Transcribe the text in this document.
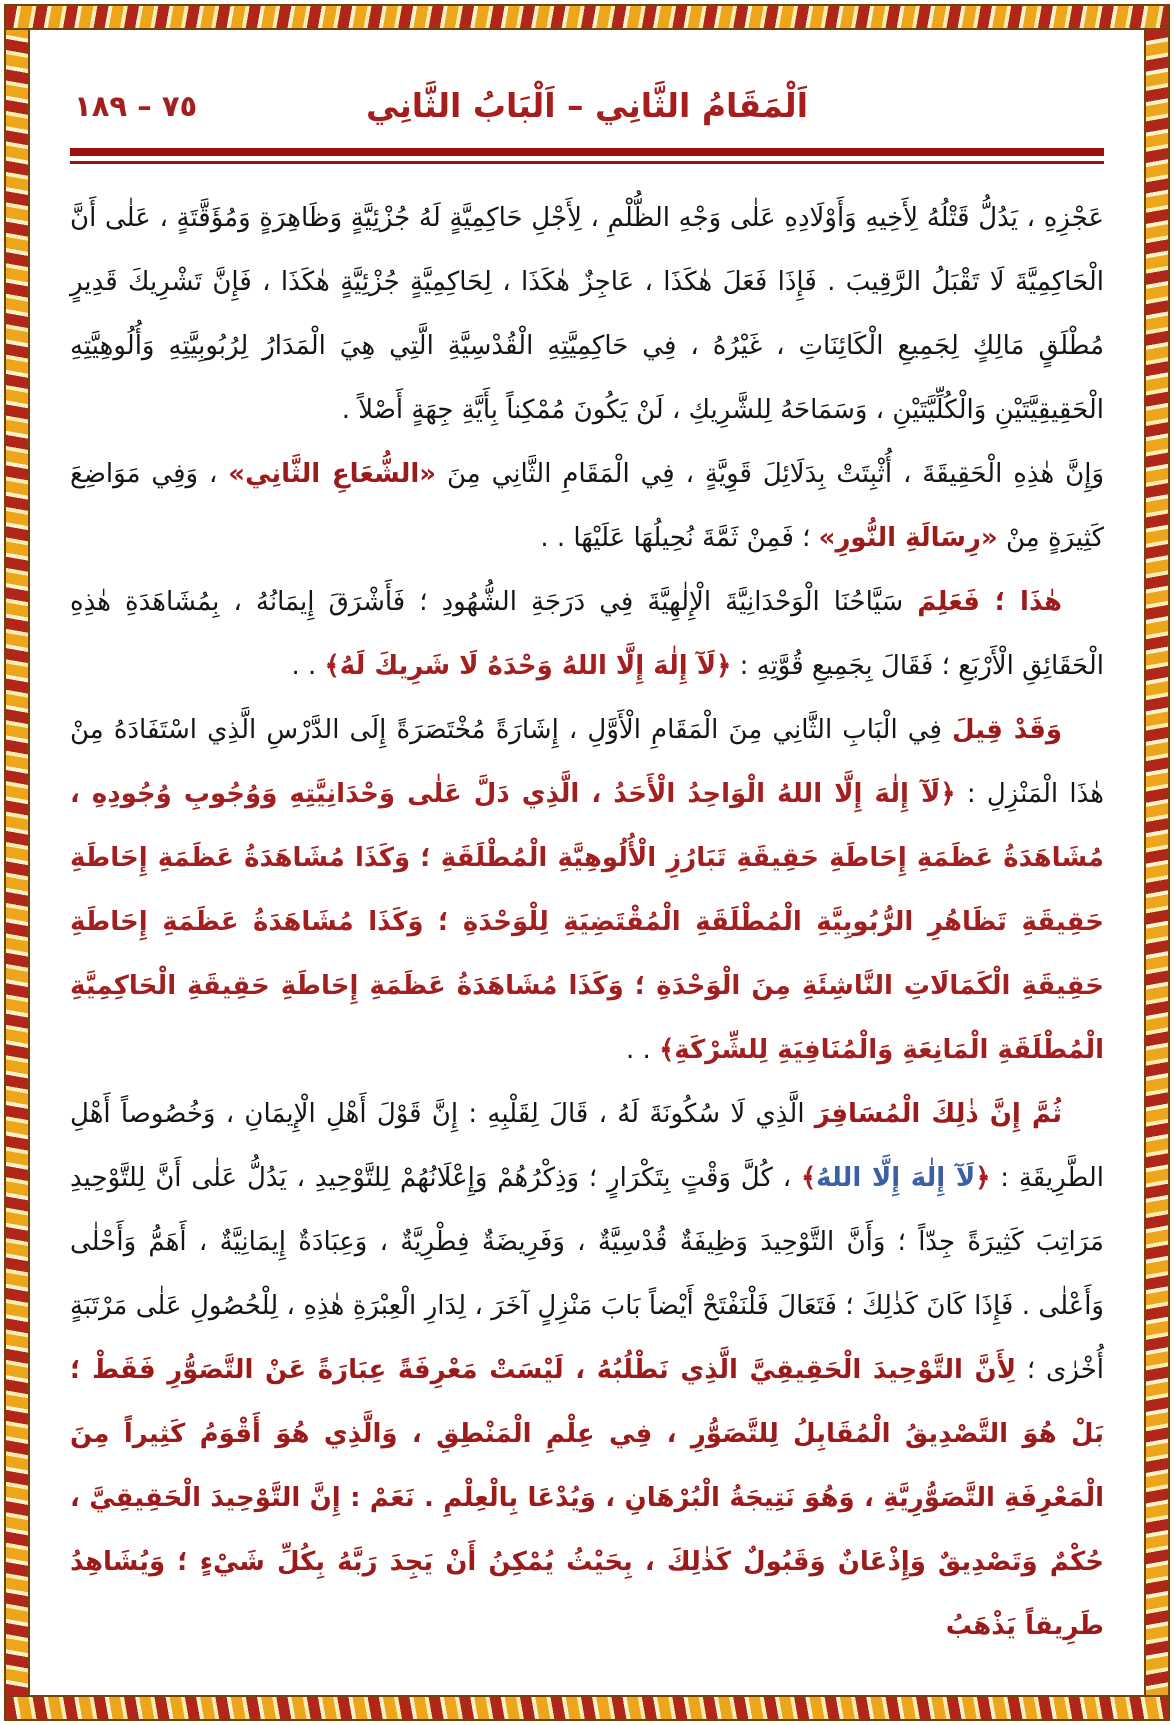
٧٥ – ١٨٩	اَلْمَقَامُ الثَّانِي – اَلْبَابُ الثَّانِي

عَجْزِهِ ، يَدُلُّ قَتْلُهُ لِأَخِيهِ وَأَوْلَادِهِ عَلٰى وَجْهِ الظُّلْمِ ، لِأَجْلِ حَاكِمِيَّةٍ لَهُ جُزْئِيَّةٍ وَظَاهِرَةٍ وَمُؤَقَّتَةٍ ، عَلٰى أَنَّ الْحَاكِمِيَّةَ لَا تَقْبَلُ الرَّقِيبَ . فَإِذَا فَعَلَ هٰكَذَا ، عَاجِزٌ هٰكَذَا ، لِحَاكِمِيَّةٍ جُزْئِيَّةٍ هٰكَذَا ، فَإِنَّ تَشْرِيكَ قَدِيرٍ مُطْلَقٍ مَالِكٍ لِجَمِيعِ الْكَائِنَاتِ ، غَيْرُهُ ، فِي حَاكِمِيَّتِهِ الْقُدْسِيَّةِ الَّتِي هِيَ الْمَدَارُ لِرُبُوبِيَّتِهِ وَأُلُوهِيَّتِهِ الْحَقِيقِيَّتَيْنِ وَالْكُلِّيَّتَيْنِ ، وَسَمَاحَهُ لِلشَّرِيكِ ، لَنْ يَكُونَ مُمْكِناً بِأَيَّةِ جِهَةٍ أَصْلاً .

وَإِنَّ هٰذِهِ الْحَقِيقَةَ ، أُثْبِتَتْ بِدَلَائِلَ قَوِيَّةٍ ، فِي الْمَقَامِ الثَّانِي مِنَ «الشُّعَاعِ الثَّانِي» ، وَفِي مَوَاضِعَ كَثِيرَةٍ مِنْ «رِسَالَةِ النُّورِ» ؛ فَمِنْ ثَمَّةَ نُحِيلُهَا عَلَيْهَا . .

هٰذَا ؛ فَعَلِمَ سَيَّاحُنَا الْوَحْدَانِيَّةَ الْإِلٰهِيَّةَ فِي دَرَجَةِ الشُّهُودِ ؛ فَأَشْرَقَ إِيمَانُهُ ، بِمُشَاهَدَةِ هٰذِهِ الْحَقَائِقِ الْأَرْبَعِ ؛ فَقَالَ بِجَمِيعِ قُوَّتِهِ : ﴿لَآ إِلٰهَ إِلَّا اللهُ وَحْدَهُ لَا شَرِيكَ لَهُ﴾ . .

وَقَدْ قِيلَ فِي الْبَابِ الثَّانِي مِنَ الْمَقَامِ الْأَوَّلِ ، إِشَارَةً مُخْتَصَرَةً إِلَى الدَّرْسِ الَّذِي اسْتَفَادَهُ مِنْ هٰذَا الْمَنْزِلِ : ﴿لَآ إِلٰهَ إِلَّا اللهُ الْوَاحِدُ الْأَحَدُ ، الَّذِي دَلَّ عَلٰى وَحْدَانِيَّتِهِ وَوُجُوبِ وُجُودِهِ ، مُشَاهَدَةُ عَظَمَةِ إِحَاطَةِ حَقِيقَةِ تَبَارُزِ الْأُلُوهِيَّةِ الْمُطْلَقَةِ ؛ وَكَذَا مُشَاهَدَةُ عَظَمَةِ إِحَاطَةِ حَقِيقَةِ تَظَاهُرِ الرُّبُوبِيَّةِ الْمُطْلَقَةِ الْمُقْتَضِيَةِ لِلْوَحْدَةِ ؛ وَكَذَا مُشَاهَدَةُ عَظَمَةِ إِحَاطَةِ حَقِيقَةِ الْكَمَالَاتِ النَّاشِئَةِ مِنَ الْوَحْدَةِ ؛ وَكَذَا مُشَاهَدَةُ عَظَمَةِ إِحَاطَةِ حَقِيقَةِ الْحَاكِمِيَّةِ الْمُطْلَقَةِ الْمَانِعَةِ وَالْمُنَافِيَةِ لِلشِّرْكَةِ﴾ . .

ثُمَّ إِنَّ ذٰلِكَ الْمُسَافِرَ الَّذِي لَا سُكُونَةَ لَهُ ، قَالَ لِقَلْبِهِ : إِنَّ قَوْلَ أَهْلِ الْإِيمَانِ ، وَخُصُوصاً أَهْلِ الطَّرِيقَةِ : ﴿لَآ إِلٰهَ إِلَّا اللهُ﴾ ، كُلَّ وَقْتٍ بِتَكْرَارٍ ؛ وَذِكْرُهُمْ وَإِعْلَانُهُمْ لِلتَّوْحِيدِ ، يَدُلُّ عَلٰى أَنَّ لِلتَّوْحِيدِ مَرَاتِبَ كَثِيرَةً جِدّاً ؛ وَأَنَّ التَّوْحِيدَ وَظِيفَةٌ قُدْسِيَّةٌ ، وَفَرِيضَةٌ فِطْرِيَّةٌ ، وَعِبَادَةٌ إِيمَانِيَّةٌ ، أَهَمُّ وَأَحْلٰى وَأَعْلٰى . فَإِذَا كَانَ كَذٰلِكَ ؛ فَتَعَالَ فَلْنَفْتَحْ أَيْضاً بَابَ مَنْزِلٍ آخَرَ ، لِدَارِ الْعِبْرَةِ هٰذِهِ ، لِلْحُصُولِ عَلٰى مَرْتَبَةٍ أُخْرٰى ؛ لِأَنَّ التَّوْحِيدَ الْحَقِيقِيَّ الَّذِي نَطْلُبُهُ ، لَيْسَتْ مَعْرِفَةً عِبَارَةً عَنْ التَّصَوُّرِ فَقَطْ ؛ بَلْ هُوَ التَّصْدِيقُ الْمُقَابِلُ لِلتَّصَوُّرِ ، فِي عِلْمِ الْمَنْطِقِ ، وَالَّذِي هُوَ أَقْوَمُ كَثِيراً مِنَ الْمَعْرِفَةِ التَّصَوُّرِيَّةِ ، وَهُوَ نَتِيجَةُ الْبُرْهَانِ ، وَيُدْعَا بِالْعِلْمِ . نَعَمْ : إِنَّ التَّوْحِيدَ الْحَقِيقِيَّ ، حُكْمٌ وَتَصْدِيقٌ وَإِذْعَانٌ وَقَبُولٌ كَذٰلِكَ ، بِحَيْثُ يُمْكِنُ أَنْ يَجِدَ رَبَّهُ بِكُلِّ شَيْءٍ ؛ وَيُشَاهِدُ طَرِيقاً يَذْهَبُ
